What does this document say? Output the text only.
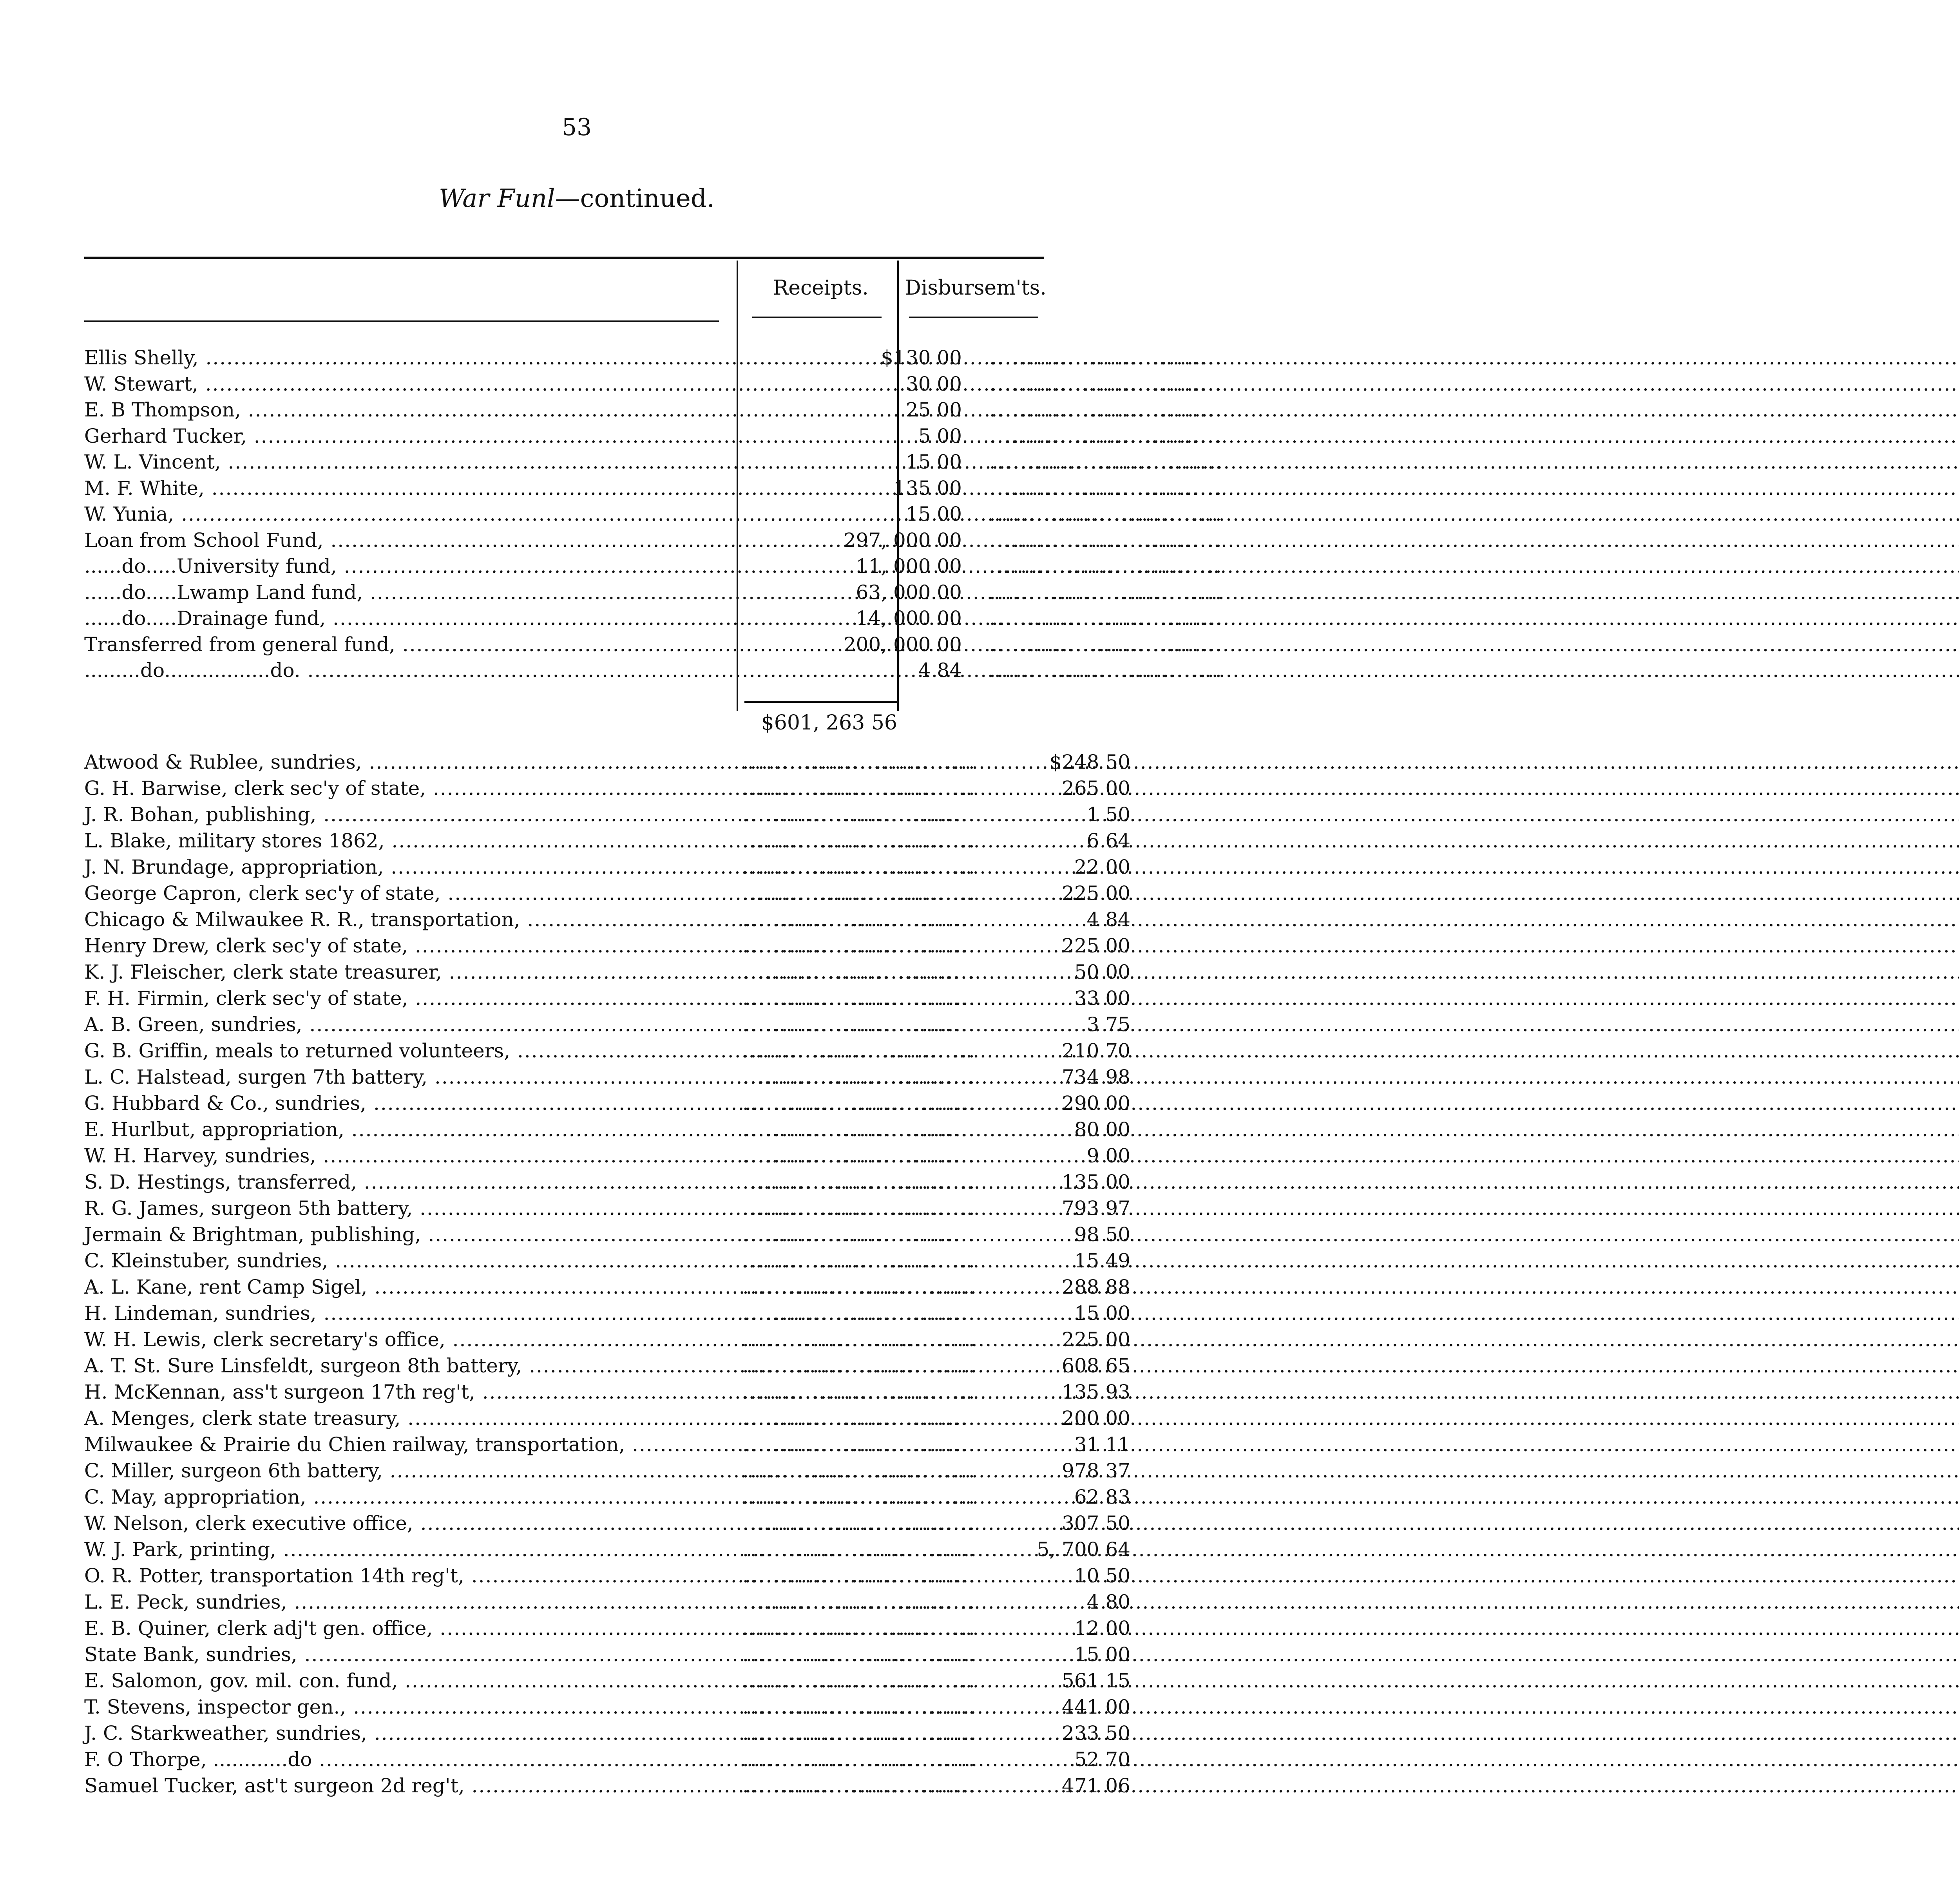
53
War Funl—continued.
Receipts.	Disbursem'ts.
Ellis Shelly, .....	$130 00	..............................
W. Stewart, .....	30 00	..............................
E. B Thompson, .....	25 00	..............................
Gerhard Tucker, .....	5 00	..............................
W. L. Vincent, .....	15 00	..............................
M. F. White, .....	135 00	..............................
W. Yunia, .....	15 00	..............................
Loan from School Fund, .....	297, 000 00	..............................
......do.....University fund, .....	11, 000 00	..............................
......do.....Lwamp Land fund, .....	63, 000 00	..............................
......do.....Drainage fund, .....	14, 000 00	..............................
Transferred from general fund, .....	200, 000 00	..............................
.........do.................do. .....	4 84	..............................
$601, 263 56
Atwood & Rublee, sundries, .....	..............................	$248 50
G. H. Barwise, clerk sec'y of state, .....	..............................	265 00
J. R. Bohan, publishing, .....	..............................	1 50
L. Blake, military stores 1862, .....	..............................	6 64
J. N. Brundage, appropriation, .....	..............................	22 00
George Capron, clerk sec'y of state, .....	..............................	225 00
Chicago & Milwaukee R. R., transportation, .....	..............................	4 84
Henry Drew, clerk sec'y of state, .....	..............................	225 00
K. J. Fleischer, clerk state treasurer, .....	..............................	50 00
F. H. Firmin, clerk sec'y of state, .....	..............................	33 00
A. B. Green, sundries, .....	..............................	3 75
G. B. Griffin, meals to returned volunteers, .....	..............................	210 70
L. C. Halstead, surgen 7th battery, .....	..............................	734 98
G. Hubbard & Co., sundries, .....	..............................	290 00
E. Hurlbut, appropriation, .....	..............................	80 00
W. H. Harvey, sundries, .....	..............................	9 00
S. D. Hestings, transferred, .....	..............................	135 00
R. G. James, surgeon 5th battery, .....	..............................	793 97
Jermain & Brightman, publishing, .....	..............................	98 50
C. Kleinstuber, sundries, .....	..............................	15 49
A. L. Kane, rent Camp Sigel, .....	..............................	288 88
H. Lindeman, sundries, .....	..............................	15 00
W. H. Lewis, clerk secretary's office, .....	..............................	225 00
A. T. St. Sure Linsfeldt, surgeon 8th battery, .....	..............................	608 65
H. McKennan, ass't surgeon 17th reg't, .....	..............................	135 93
A. Menges, clerk state treasury, .....	..............................	200 00
Milwaukee & Prairie du Chien railway, transportation, .....	..............................	31 11
C. Miller, surgeon 6th battery, .....	..............................	978 37
C. May, appropriation, .....	..............................	62 83
W. Nelson, clerk executive office, .....	..............................	307 50
W. J. Park, printing, .....	..............................	5, 700 64
O. R. Potter, transportation 14th reg't, .....	..............................	10 50
L. E. Peck, sundries, .....	..............................	4 80
E. B. Quiner, clerk adj't gen. office, .....	..............................	12 00
State Bank, sundries, .....	..............................	15 00
E. Salomon, gov. mil. con. fund, .....	..............................	561 15
T. Stevens, inspector gen., .....	..............................	441 00
J. C. Starkweather, sundries, .....	..............................	233 50
F. O Thorpe, ............do .....	..............................	52 70
Samuel Tucker, ast't surgeon 2d reg't, .....	..............................	471 06
